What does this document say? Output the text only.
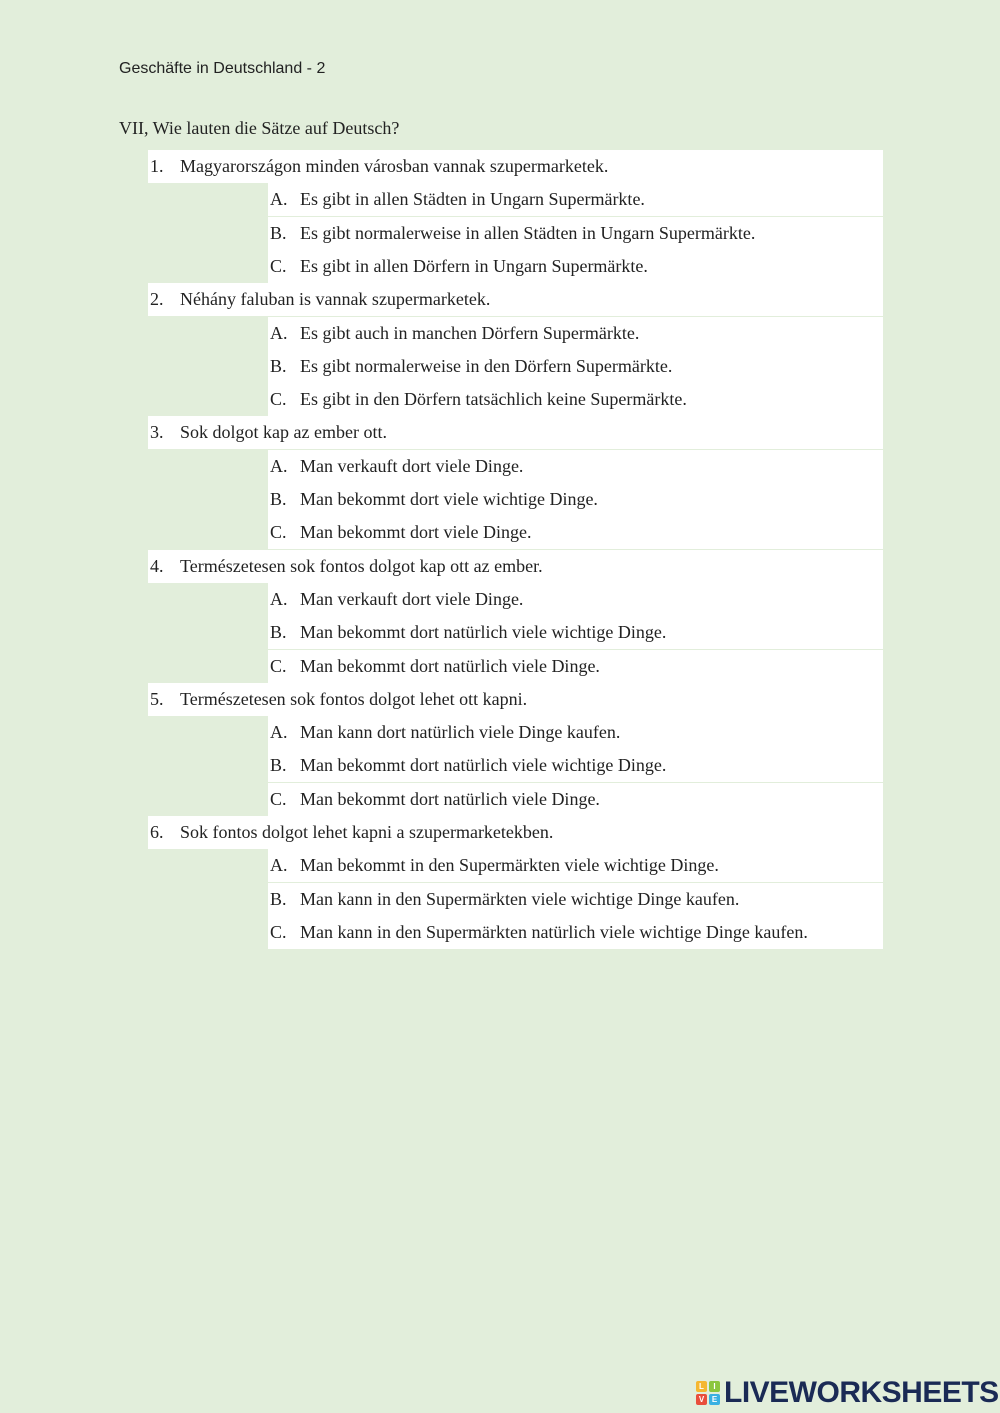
Geschäfte in Deutschland - 2
VII, Wie lauten die Sätze auf Deutsch?
1. Magyarországon minden városban vannak szupermarketek.
A. Es gibt in allen Städten in Ungarn Supermärkte.
B. Es gibt normalerweise in allen Städten in Ungarn Supermärkte.
C. Es gibt in allen Dörfern in Ungarn Supermärkte.
2. Néhány faluban is vannak szupermarketek.
A. Es gibt auch in manchen Dörfern Supermärkte.
B. Es gibt normalerweise in den Dörfern Supermärkte.
C. Es gibt in den Dörfern tatsächlich keine Supermärkte.
3. Sok dolgot kap az ember ott.
A. Man verkauft dort viele Dinge.
B. Man bekommt dort viele wichtige Dinge.
C. Man bekommt dort viele Dinge.
4. Természetesen sok fontos dolgot kap ott az ember.
A. Man verkauft dort viele Dinge.
B. Man bekommt dort natürlich viele wichtige Dinge.
C. Man bekommt dort natürlich viele Dinge.
5. Természetesen sok fontos dolgot lehet ott kapni.
A. Man kann dort natürlich viele Dinge kaufen.
B. Man bekommt dort natürlich viele wichtige Dinge.
C. Man bekommt dort natürlich viele Dinge.
6. Sok fontos dolgot lehet kapni a szupermarketekben.
A. Man bekommt in den Supermärkten viele wichtige Dinge.
B. Man kann in den Supermärkten viele wichtige Dinge kaufen.
C. Man kann in den Supermärkten natürlich viele wichtige Dinge kaufen.
L	I
V E LIVEWORKSHEETS
